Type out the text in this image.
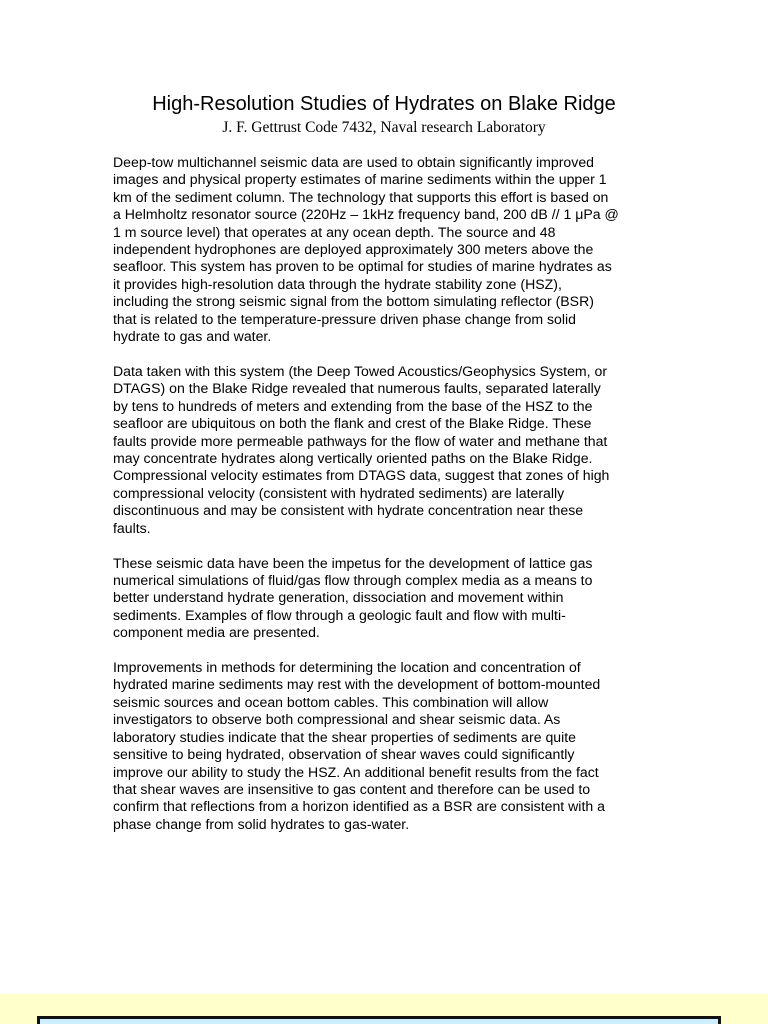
High-Resolution Studies of Hydrates on Blake Ridge

J. F. Gettrust Code 7432, Naval research Laboratory

Deep-tow multichannel seismic data are used to obtain significantly improved
images and physical property estimates of marine sediments within the upper 1
km of the sediment column. The technology that supports this effort is based on
a Helmholtz resonator source (220Hz – 1kHz frequency band, 200 dB // 1 μPa @
1 m source level) that operates at any ocean depth. The source and 48
independent hydrophones are deployed approximately 300 meters above the
seafloor. This system has proven to be optimal for studies of marine hydrates as
it provides high-resolution data through the hydrate stability zone (HSZ),
including the strong seismic signal from the bottom simulating reflector (BSR)
that is related to the temperature-pressure driven phase change from solid
hydrate to gas and water.

Data taken with this system (the Deep Towed Acoustics/Geophysics System, or
DTAGS) on the Blake Ridge revealed that numerous faults, separated laterally
by tens to hundreds of meters and extending from the base of the HSZ to the
seafloor are ubiquitous on both the flank and crest of the Blake Ridge. These
faults provide more permeable pathways for the flow of water and methane that
may concentrate hydrates along vertically oriented paths on the Blake Ridge.
Compressional velocity estimates from DTAGS data, suggest that zones of high
compressional velocity (consistent with hydrated sediments) are laterally
discontinuous and may be consistent with hydrate concentration near these
faults.

These seismic data have been the impetus for the development of lattice gas
numerical simulations of fluid/gas flow through complex media as a means to
better understand hydrate generation, dissociation and movement within
sediments. Examples of flow through a geologic fault and flow with multi-
component media are presented.

Improvements in methods for determining the location and concentration of
hydrated marine sediments may rest with the development of bottom-mounted
seismic sources and ocean bottom cables. This combination will allow
investigators to observe both compressional and shear seismic data. As
laboratory studies indicate that the shear properties of sediments are quite
sensitive to being hydrated, observation of shear waves could significantly
improve our ability to study the HSZ. An additional benefit results from the fact
that shear waves are insensitive to gas content and therefore can be used to
confirm that reflections from a horizon identified as a BSR are consistent with a
phase change from solid hydrates to gas-water.
